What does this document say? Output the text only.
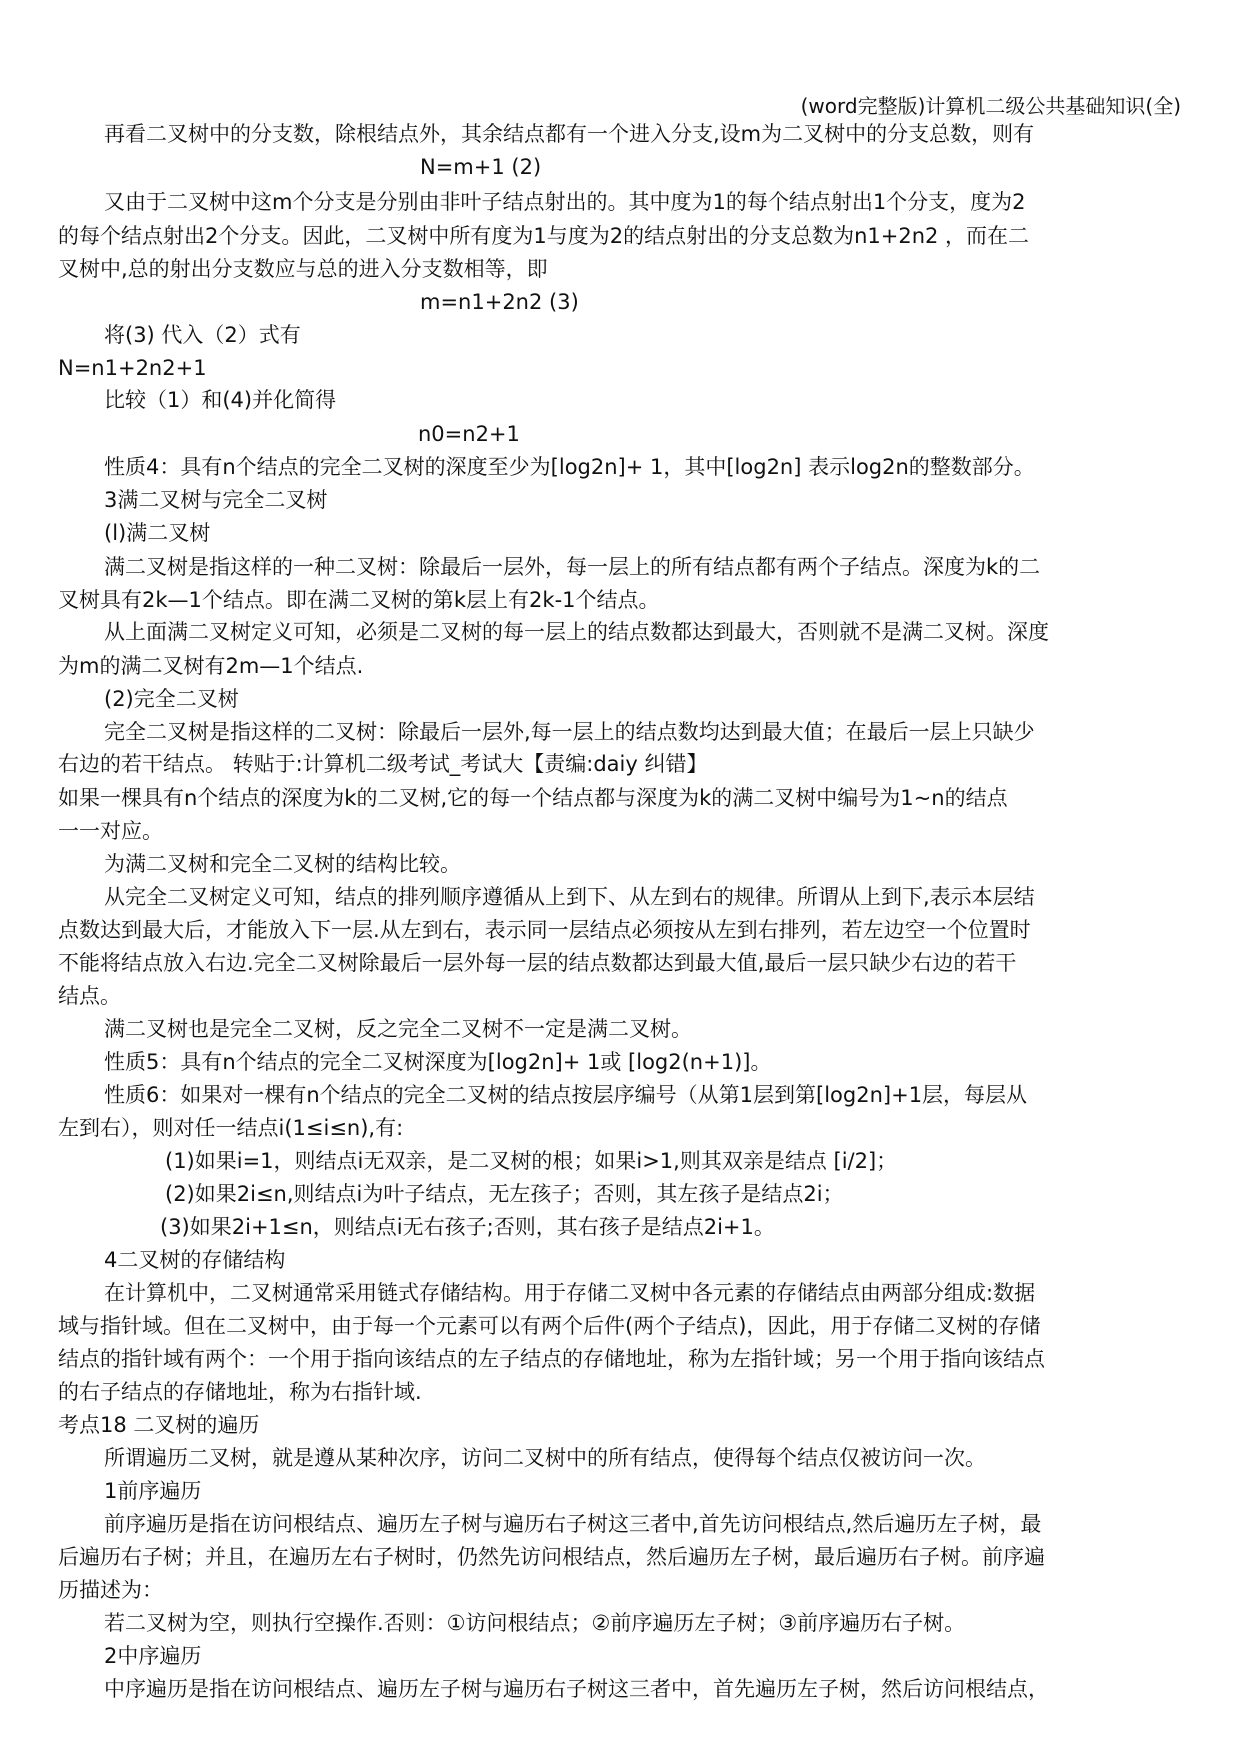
(word完整版)计算机二级公共基础知识(全)
再看二叉树中的分支数，除根结点外，其余结点都有一个进入分支,设m为二叉树中的分支总数，则有
N=m+1 (2)
又由于二叉树中这m个分支是分别由非叶子结点射出的。其中度为1的每个结点射出1个分支，度为2
的每个结点射出2个分支。因此，二叉树中所有度为1与度为2的结点射出的分支总数为n1+2n2 ，而在二
叉树中,总的射出分支数应与总的进入分支数相等，即
m=n1+2n2 (3)
将(3) 代入（2）式有
N=n1+2n2+1
比较（1）和(4)并化简得
n0=n2+1
性质4：具有n个结点的完全二叉树的深度至少为[log2n]+ 1，其中[log2n] 表示log2n的整数部分。
3满二叉树与完全二叉树
(l)满二叉树
满二叉树是指这样的一种二叉树：除最后一层外，每一层上的所有结点都有两个子结点。深度为k的二
叉树具有2k—1个结点。即在满二叉树的第k层上有2k-1个结点。
从上面满二叉树定义可知，必须是二叉树的每一层上的结点数都达到最大，否则就不是满二叉树。深度
为m的满二叉树有2m—1个结点.
(2)完全二叉树
完全二叉树是指这样的二叉树：除最后一层外,每一层上的结点数均达到最大值；在最后一层上只缺少
右边的若干结点。 转贴于:计算机二级考试_考试大【责编:daiy 纠错】
如果一棵具有n个结点的深度为k的二叉树,它的每一个结点都与深度为k的满二叉树中编号为1~n的结点
一一对应。
为满二叉树和完全二叉树的结构比较。
从完全二叉树定义可知，结点的排列顺序遵循从上到下、从左到右的规律。所谓从上到下,表示本层结
点数达到最大后，才能放入下一层.从左到右，表示同一层结点必须按从左到右排列，若左边空一个位置时
不能将结点放入右边.完全二叉树除最后一层外每一层的结点数都达到最大值,最后一层只缺少右边的若干
结点。
满二叉树也是完全二叉树，反之完全二叉树不一定是满二叉树。
性质5：具有n个结点的完全二叉树深度为[log2n]+ 1或 [log2(n+1)]。
性质6：如果对一棵有n个结点的完全二叉树的结点按层序编号（从第1层到第[log2n]+1层，每层从
左到右），则对任一结点i(1≤i≤n),有:
(1)如果i=1，则结点i无双亲，是二叉树的根；如果i>1,则其双亲是结点 [i/2]；
(2)如果2i≤n,则结点i为叶子结点，无左孩子；否则，其左孩子是结点2i；
(3)如果2i+1≤n，则结点i无右孩子;否则，其右孩子是结点2i+1。
4二叉树的存储结构
在计算机中，二叉树通常采用链式存储结构。用于存储二叉树中各元素的存储结点由两部分组成:数据
域与指针域。但在二叉树中，由于每一个元素可以有两个后件(两个子结点)，因此，用于存储二叉树的存储
结点的指针域有两个：一个用于指向该结点的左子结点的存储地址，称为左指针域；另一个用于指向该结点
的右子结点的存储地址，称为右指针域.
考点18 二叉树的遍历
所谓遍历二叉树，就是遵从某种次序，访问二叉树中的所有结点，使得每个结点仅被访问一次。
1前序遍历
前序遍历是指在访问根结点、遍历左子树与遍历右子树这三者中,首先访问根结点,然后遍历左子树，最
后遍历右子树；并且，在遍历左右子树时，仍然先访问根结点，然后遍历左子树，最后遍历右子树。前序遍
历描述为：
若二叉树为空，则执行空操作.否则：①访问根结点；②前序遍历左子树；③前序遍历右子树。
2中序遍历
中序遍历是指在访问根结点、遍历左子树与遍历右子树这三者中，首先遍历左子树，然后访问根结点，
